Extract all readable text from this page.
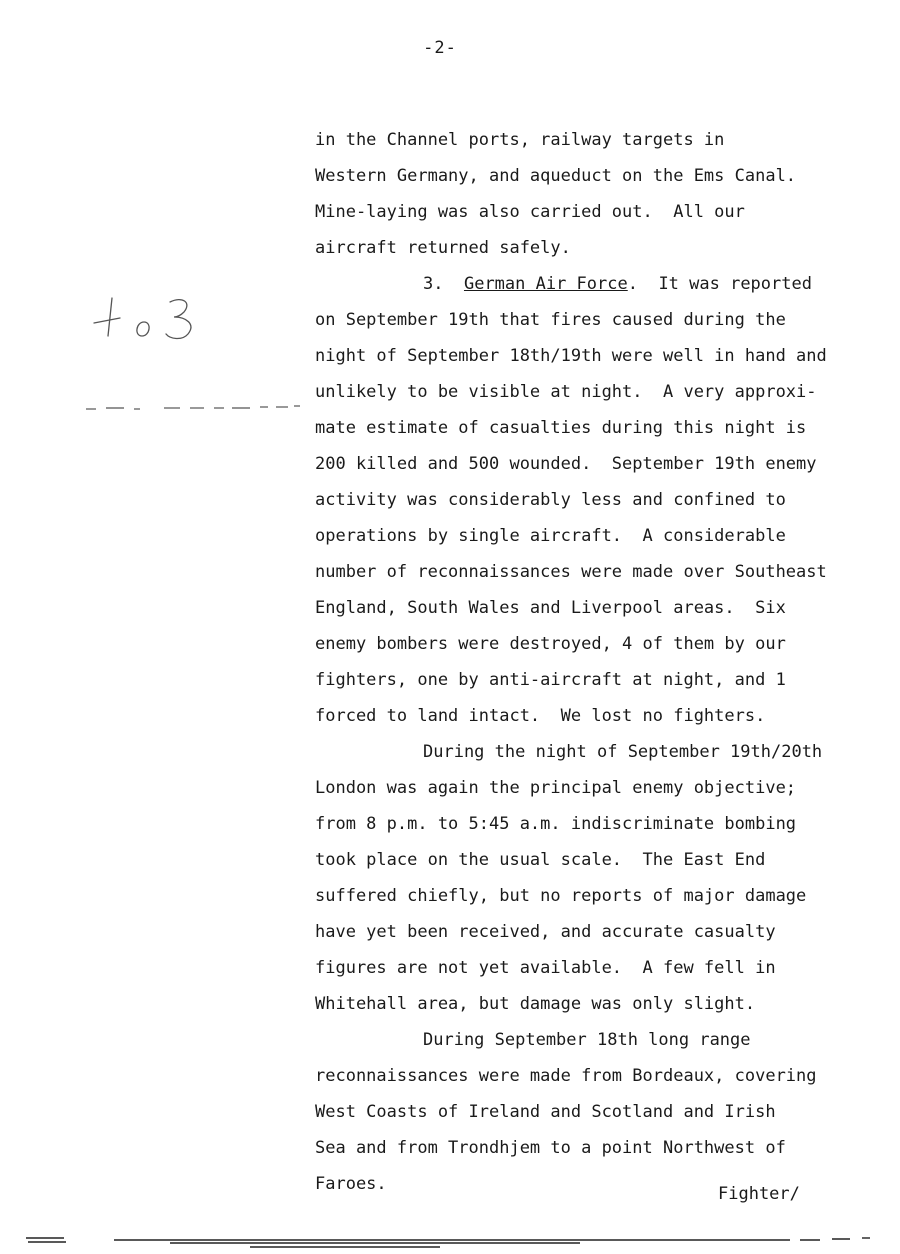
-2-
in the Channel ports, railway targets in
Western Germany, and aqueduct on the Ems Canal.
Mine-laying was also carried out.  All our
aircraft returned safely.
3. German Air Force.  It was reported
on September 19th that fires caused during the
night of September 18th/19th were well in hand and
unlikely to be visible at night.  A very approxi-
mate estimate of casualties during this night is
200 killed and 500 wounded.  September 19th enemy
activity was considerably less and confined to
operations by single aircraft.  A considerable
number of reconnaissances were made over Southeast
England, South Wales and Liverpool areas.  Six
enemy bombers were destroyed, 4 of them by our
fighters, one by anti-aircraft at night, and 1
forced to land intact.  We lost no fighters.
During the night of September 19th/20th
London was again the principal enemy objective;
from 8 p.m. to 5:45 a.m. indiscriminate bombing
took place on the usual scale.  The East End
suffered chiefly, but no reports of major damage
have yet been received, and accurate casualty
figures are not yet available.  A few fell in
Whitehall area, but damage was only slight.
During September 18th long range
reconnaissances were made from Bordeaux, covering
West Coasts of Ireland and Scotland and Irish
Sea and from Trondhjem to a point Northwest of
Faroes.	Fighter/
